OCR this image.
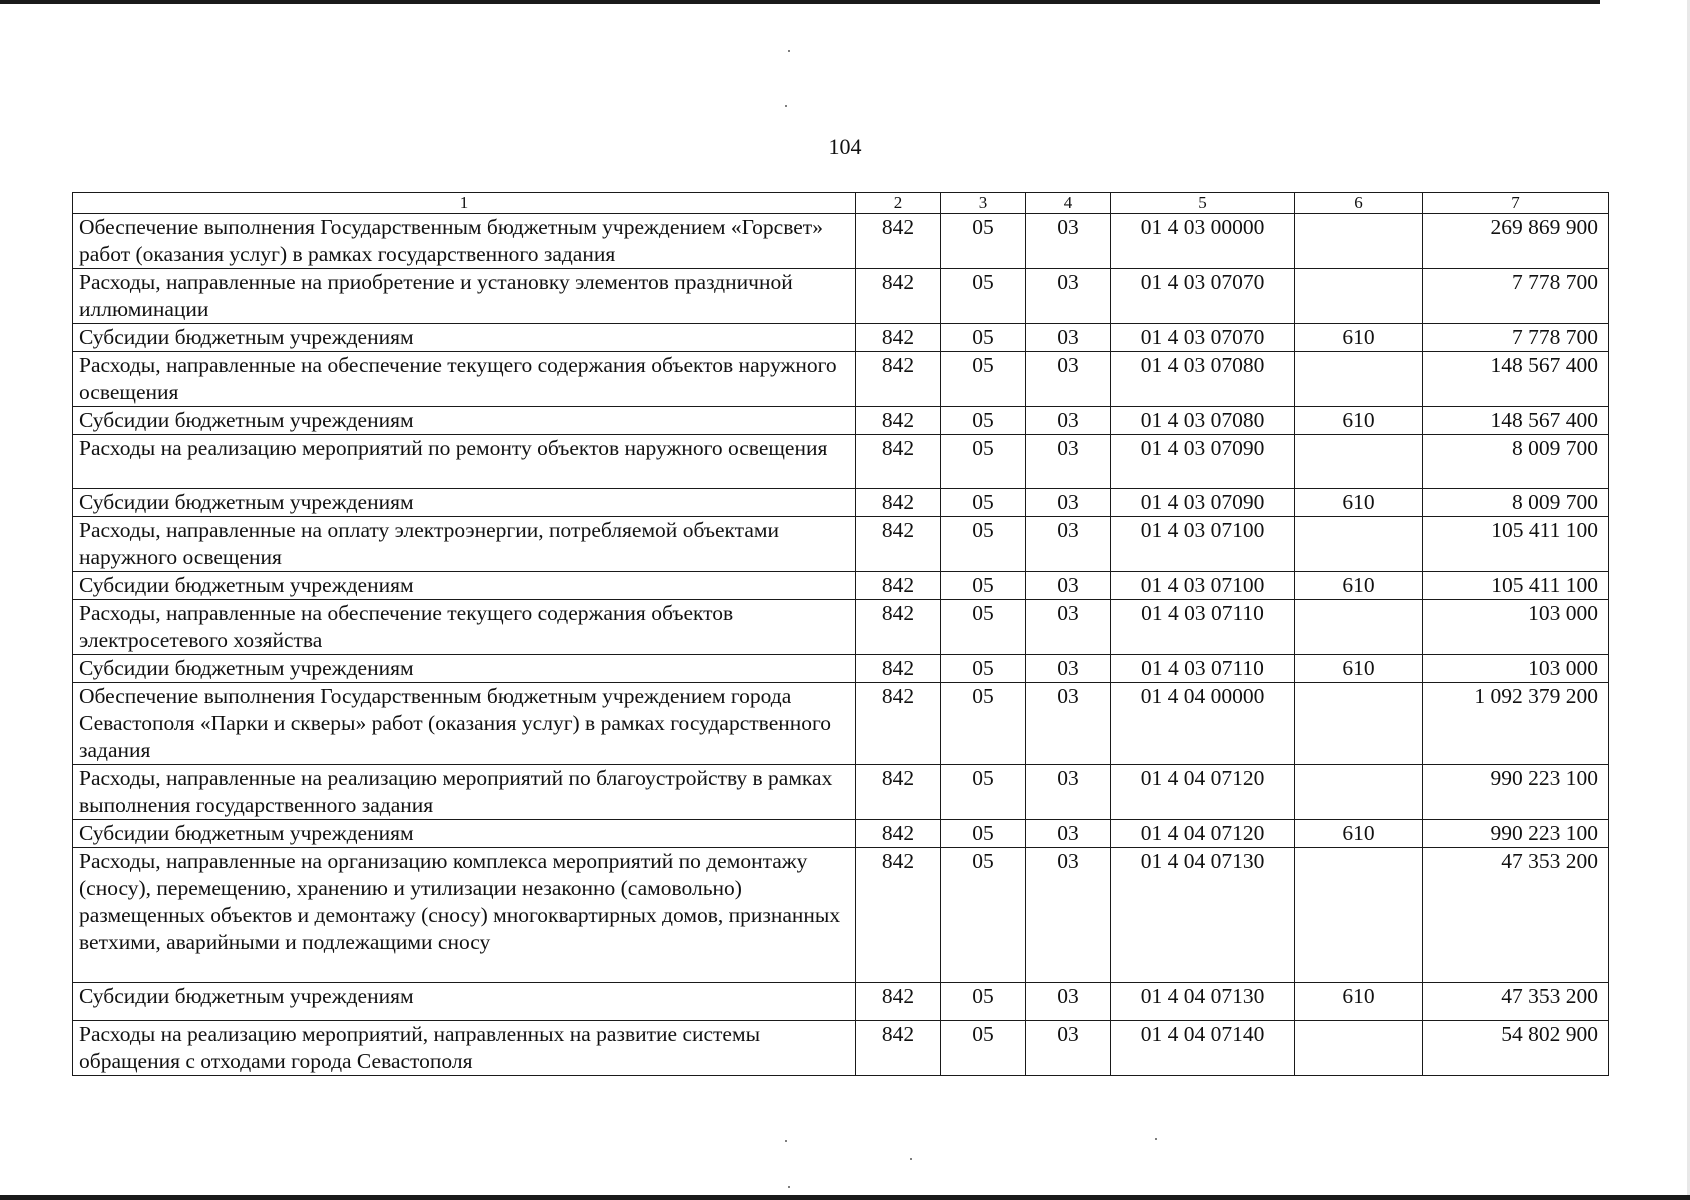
104
1	2	3	4	5	6	7
Обеспечение выполнения Государственным бюджетным учреждением «Горсвет» работ (оказания услуг) в рамках государственного задания	842	05	03	01 4 03 00000		269 869 900
Расходы, направленные на приобретение и установку элементов праздничной иллюминации	842	05	03	01 4 03 07070		7 778 700
Субсидии бюджетным учреждениям	842	05	03	01 4 03 07070	610	7 778 700
Расходы, направленные на обеспечение текущего содержания объектов наружного освещения	842	05	03	01 4 03 07080		148 567 400
Субсидии бюджетным учреждениям	842	05	03	01 4 03 07080	610	148 567 400
Расходы на реализацию мероприятий по ремонту объектов наружного освещения	842	05	03	01 4 03 07090		8 009 700
Субсидии бюджетным учреждениям	842	05	03	01 4 03 07090	610	8 009 700
Расходы, направленные на оплату электроэнергии, потребляемой объектами наружного освещения	842	05	03	01 4 03 07100		105 411 100
Субсидии бюджетным учреждениям	842	05	03	01 4 03 07100	610	105 411 100
Расходы, направленные на обеспечение текущего содержания объектов электросетевого хозяйства	842	05	03	01 4 03 07110		103 000
Субсидии бюджетным учреждениям	842	05	03	01 4 03 07110	610	103 000
Обеспечение выполнения Государственным бюджетным учреждением города Севастополя «Парки и скверы» работ (оказания услуг) в рамках государственного задания	842	05	03	01 4 04 00000		1 092 379 200
Расходы, направленные на реализацию мероприятий по благоустройству в рамках выполнения государственного задания	842	05	03	01 4 04 07120		990 223 100
Субсидии бюджетным учреждениям	842	05	03	01 4 04 07120	610	990 223 100
Расходы, направленные на организацию комплекса мероприятий по демонтажу (сносу), перемещению, хранению и утилизации незаконно (самовольно) размещенных объектов и демонтажу (сносу) многоквартирных домов, признанных ветхими, аварийными и подлежащими сносу	842	05	03	01 4 04 07130		47 353 200
Субсидии бюджетным учреждениям	842	05	03	01 4 04 07130	610	47 353 200
Расходы на реализацию мероприятий, направленных на развитие системы обращения с отходами города Севастополя	842	05	03	01 4 04 07140		54 802 900
